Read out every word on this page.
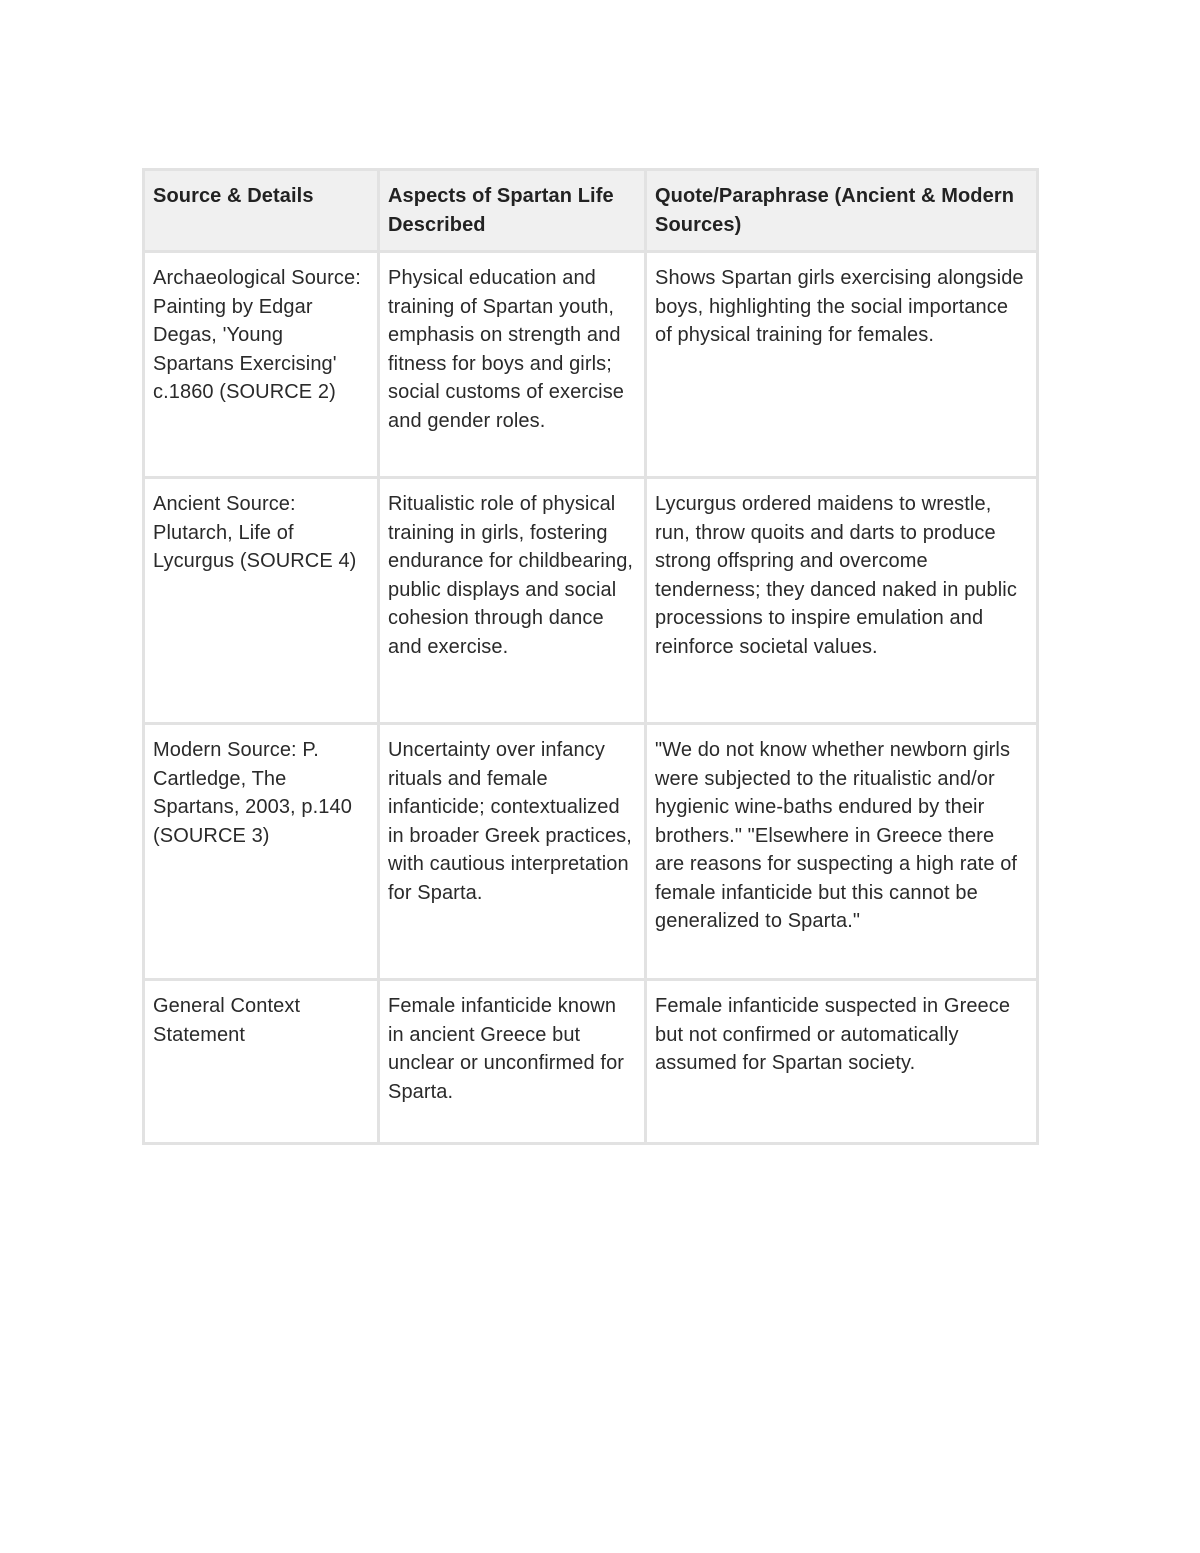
Source & Details	Aspects of Spartan Life Described	Quote/Paraphrase (Ancient & Modern Sources)
Archaeological Source: Painting by Edgar Degas, 'Young Spartans Exercising' c.1860 (SOURCE 2)	Physical education and training of Spartan youth, emphasis on strength and fitness for boys and girls; social customs of exercise and gender roles.	Shows Spartan girls exercising alongside boys, highlighting the social importance of physical training for females.
Ancient Source: Plutarch, Life of Lycurgus (SOURCE 4)	Ritualistic role of physical training in girls, fostering endurance for childbearing, public displays and social cohesion through dance and exercise.	Lycurgus ordered maidens to wrestle, run, throw quoits and darts to produce strong offspring and overcome tenderness; they danced naked in public processions to inspire emulation and reinforce societal values.
Modern Source: P. Cartledge, The Spartans, 2003, p.140 (SOURCE 3)	Uncertainty over infancy rituals and female infanticide; contextualized in broader Greek practices, with cautious interpretation for Sparta.	"We do not know whether newborn girls were subjected to the ritualistic and/or hygienic wine-baths endured by their brothers." "Elsewhere in Greece there are reasons for suspecting a high rate of female infanticide but this cannot be generalized to Sparta."
General Context Statement	Female infanticide known in ancient Greece but unclear or unconfirmed for Sparta.	Female infanticide suspected in Greece but not confirmed or automatically assumed for Spartan society.
